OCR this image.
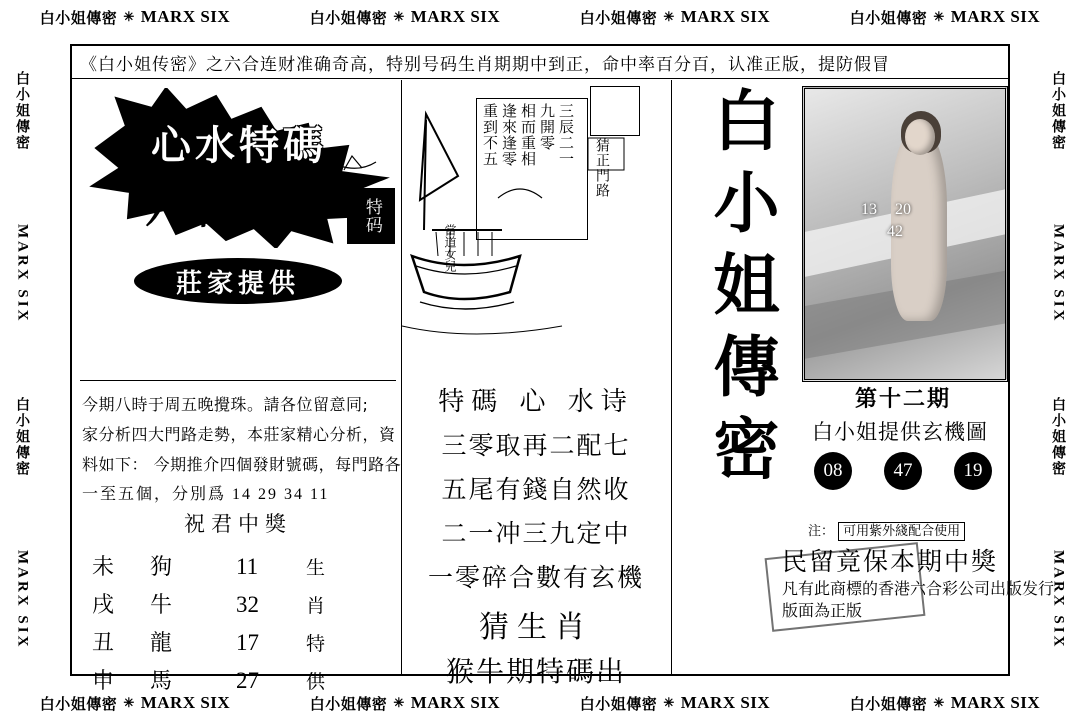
白小姐傳密 ✳ MARX SIX	白小姐傳密 ✳ MARX SIX	白小姐傳密 ✳ MARX SIX	白小姐傳密 ✳ MARX SIX
白小姐傳密
MARX SIX
白小姐傳密
MARX SIX
白小姐傳密
MARX SIX
白小姐傳密
MARX SIX
《白小姐传密》之六合连财准确奇高，特别号码生肖期期中到正，命中率百分百，认准正版，提防假冒
心水特碼
六合彩	特码
莊家提供
今期八時于周五晚攪珠。請各位留意同;
家分析四大門路走勢，本莊家精心分析，資
料如下： 今期推介四個發財號碼，每門路各
一至五個，分別爲 14 29 34 11
祝君中獎
未	狗	11	生
戌	牛	32	肖
丑	龍	17	特
申	馬	27	供
三辰二一
九開零
相而重相
逢來逢零
重到不五
猜正門路
當道女兒
特碼 心 水诗
三零取再二配七
五尾有錢自然收
二一冲三九定中
一零碎合數有玄機
猜生肖
猴牛期特碼出
白小姐傳密	13 20
42
第十二期
白小姐提供玄機圖
08	47	19
注： 可用紫外綫配合使用
民留竟保本期中獎
凡有此商標的香港六合彩公司出版发行
版面為正版
白小姐傳密 ✳ MARX SIX	白小姐傳密 ✳ MARX SIX	白小姐傳密 ✳ MARX SIX	白小姐傳密 ✳ MARX SIX
